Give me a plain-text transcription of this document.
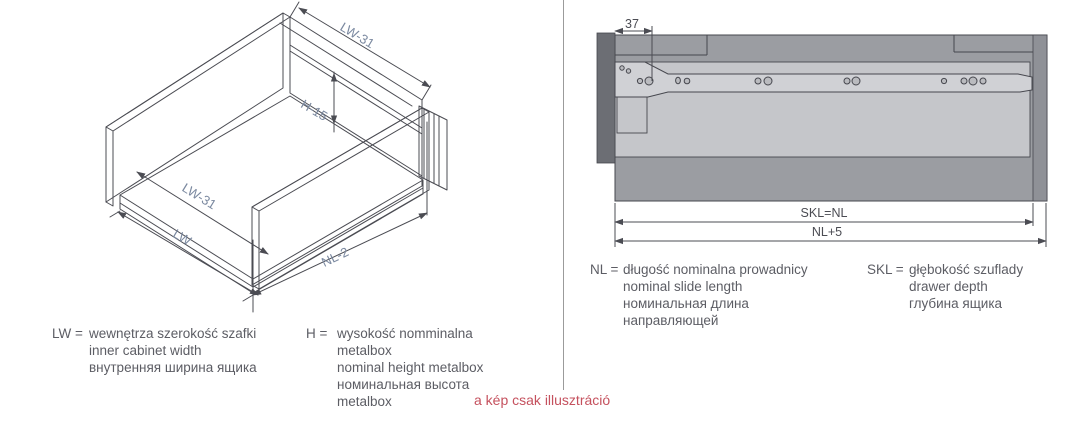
LW-31
H-15
LW-31
LW
NL-2
37
SKL=NL
NL+5
LW = wewnętrza szerokość szafki
inner cabinet width
внутренняя ширина ящика
H = wysokość nomminalna
metalbox
nominal height metalbox
номинальная высота
metalbox
NL = długość nominalna prowadnicy
nominal slide length
номинальная длина
направляющей
SKL = głębokość szuflady
drawer depth
глубина ящика
a kép csak illusztráció
